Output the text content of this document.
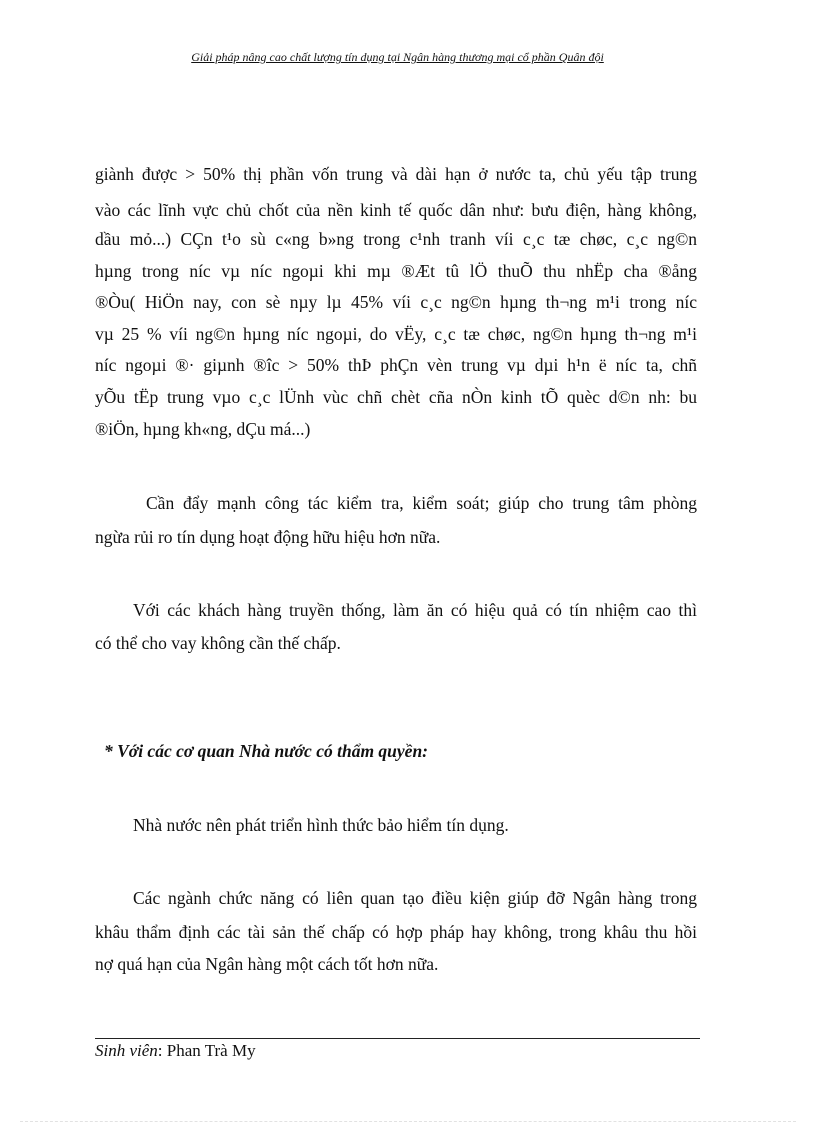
Giải pháp nâng cao chất lượng tín dụng tại Ngân hàng thương mại cổ phần Quân đội
giành được > 50% thị phần vốn trung và dài hạn ở nước ta, chủ yếu tập trung
vào các lĩnh vực chủ chốt của nền kinh tế quốc dân như: bưu điện, hàng không,
dầu mỏ...) CÇn t¹o sù c«ng b»ng trong c¹nh tranh víi c¸c tæ chøc, c¸c ng©n
hµng trong níc vµ níc ngoµi khi mµ ®Æt tû lÖ thuÕ thu nhËp cha ®ång
®Òu( HiÖn nay, con sè nµy lµ 45% víi c¸c ng©n hµng th¬ng m¹i trong níc
vµ 25 % víi ng©n hµng níc ngoµi, do vËy, c¸c tæ chøc, ng©n hµng th¬ng m¹i
níc ngoµi ®· giµnh ®îc > 50% thÞ phÇn vèn trung vµ dµi h¹n ë níc ta, chñ
yÕu tËp trung vµo c¸c lÜnh vùc chñ chèt cña nÒn kinh tÕ quèc d©n nh: bu
®iÖn, hµng kh«ng, dÇu má...)
Cần đẩy mạnh công tác kiểm tra, kiểm soát; giúp cho trung tâm phòng
ngừa rủi ro tín dụng hoạt động hữu hiệu hơn nữa.
Với các khách hàng truyền thống, làm ăn có hiệu quả có tín nhiệm cao thì
có thể cho vay không cần thế chấp.
* Với các cơ quan Nhà nước có thẩm quyền:
Nhà nước nên phát triển hình thức bảo hiểm tín dụng.
Các ngành chức năng có liên quan tạo điều kiện giúp đỡ Ngân hàng trong
khâu thẩm định các tài sản thế chấp có hợp pháp hay không, trong khâu thu hồi
nợ quá hạn của Ngân hàng một cách tốt hơn nữa.
Sinh viên: Phan Trà My
